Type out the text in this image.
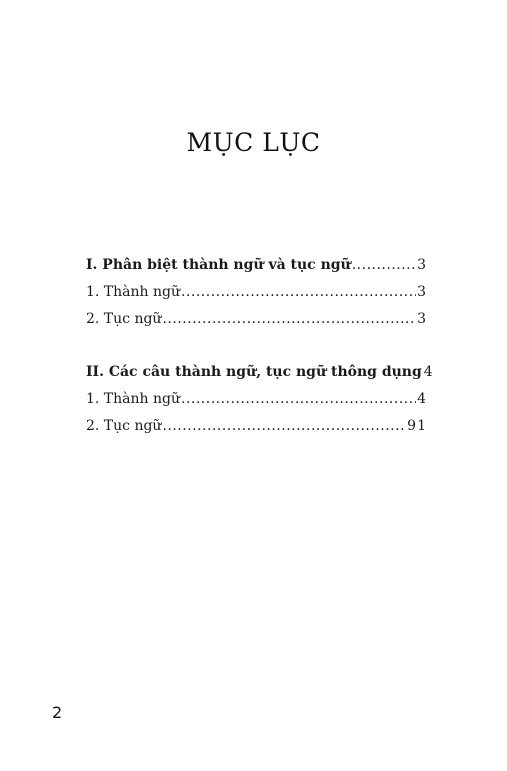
MỤC LỤC
I. Phân biệt thành ngữ và tục ngữ .....	3
1. Thành ngữ .....	3
2. Tục ngữ .....	3
II. Các câu thành ngữ, tục ngữ thông dụng 4
1. Thành ngữ .....	4
2. Tục ngữ .....	91
2
